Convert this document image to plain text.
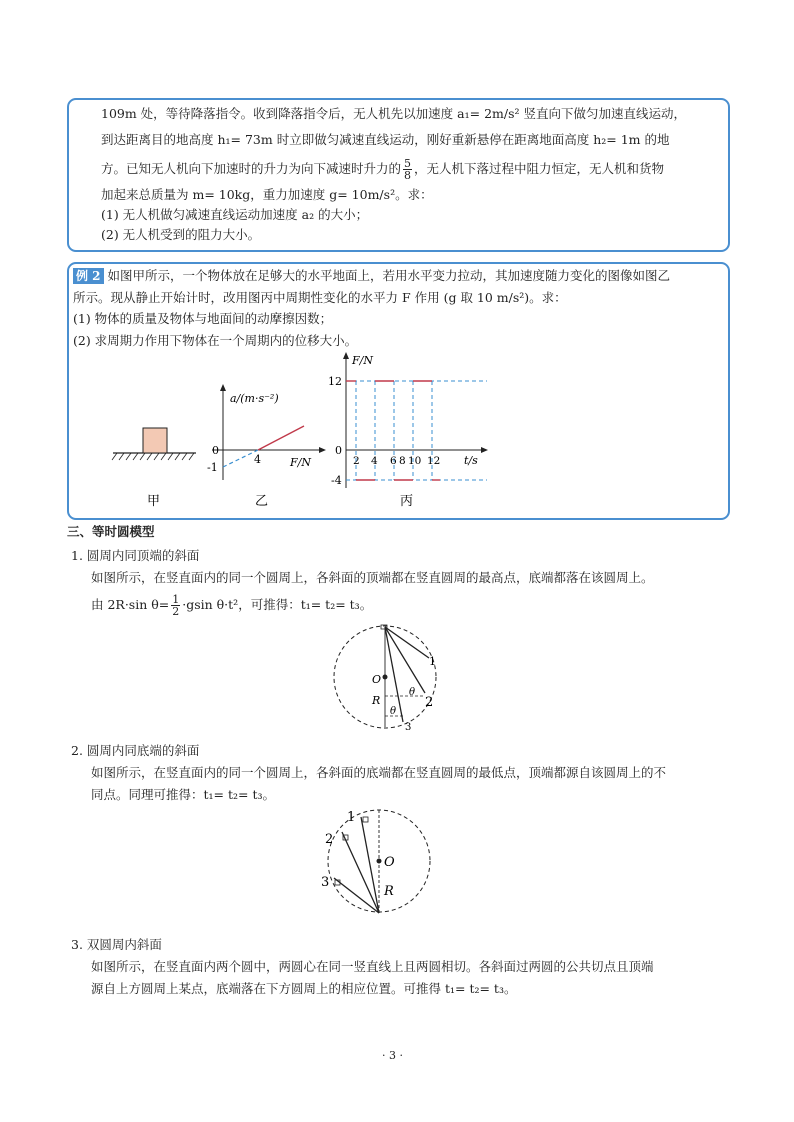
109m 处，等待降落指令。收到降落指令后，无人机先以加速度 a₁= 2m/s² 竖直向下做匀加速直线运动，
到达距离目的地高度 h₁= 73m 时立即做匀减速直线运动，刚好重新悬停在距离地面高度 h₂= 1m 的地
方。已知无人机向下加速时的升力为向下减速时升力的 $\frac{5}{8}$ ，无人机下落过程中阻力恒定，无人机和货物
加起来总质量为 m= 10kg，重力加速度 g= 10m/s²。求：
(1) 无人机做匀减速直线运动加速度 a₂ 的大小；
(2) 无人机受到的阻力大小。
例 2 如图甲所示，一个物体放在足够大的水平地面上，若用水平变力拉动，其加速度随力变化的图像如图乙
所示。现从静止开始计时，改用图丙中周期性变化的水平力 F 作用 (g 取 10 m/s²)。求：
(1) 物体的质量及物体与地面间的动摩擦因数；
(2) 求周期力作用下物体在一个周期内的位移大小。
甲
a/(m·s⁻²)
0
-1
4	F/N
乙
F/N
12
0
-4
2 4 6 8 10 12 t/s
丙
三、等时圆模型
1. 圆周内同顶端的斜面
如图所示，在竖直面内的同一个圆周上，各斜面的顶端都在竖直圆周的最高点，底端都落在该圆周上。
由 2R·sin $\theta= \frac{1}{2} \cdot gsin$ θ·t²，可推得：t₁= t₂= t₃。
O
R
θ
θ
1
2
3
2. 圆周内同底端的斜面
如图所示，在竖直面内的同一个圆周上，各斜面的底端都在竖直圆周的最低点，顶端都源自该圆周上的不
同点。同理可推得：t₁= t₂= t₃。
O
R
1
2
3
3. 双圆周内斜面
如图所示，在竖直面内两个圆中，两圆心在同一竖直线上且两圆相切。各斜面过两圆的公共切点且顶端
源自上方圆周上某点，底端落在下方圆周上的相应位置。可推得 t₁= t₂= t₃。
· 3 ·
